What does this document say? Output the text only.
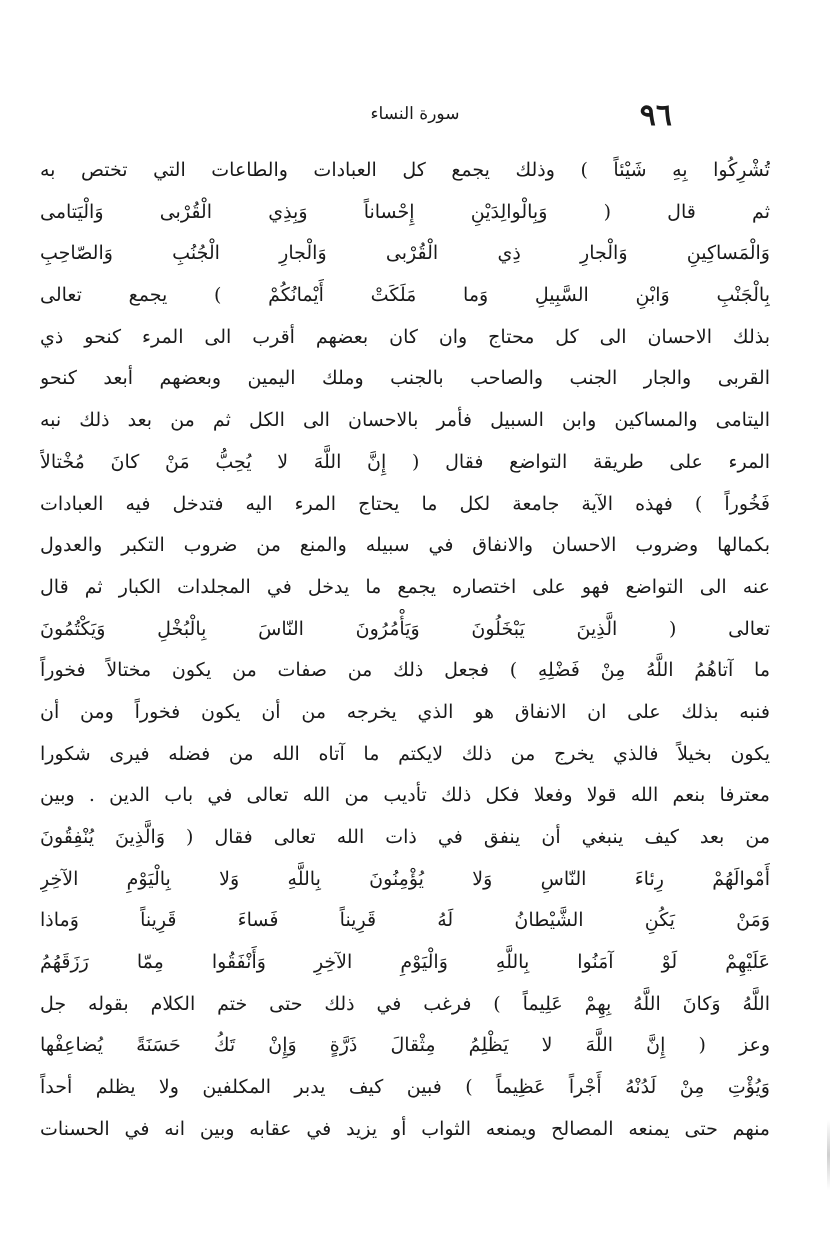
٩٦
سورة النساء
تُشْرِكُوا بِهِ شَيْئاً ) وذلك يجمع كل العبادات والطاعات التي تختص به
ثم قال ( وَبِالْوالِدَيْنِ إِحْساناً وَبِذِي الْقُرْبى وَالْيَتامى
وَالْمَساكِينِ وَالْجارِ ذِي الْقُرْبى وَالْجارِ الْجُنُبِ وَالصّاحِبِ
بِالْجَنْبِ وَابْنِ السَّبِيلِ وَما مَلَكَتْ أَيْمانُكُمْ ) يجمع تعالى
بذلك الاحسان الى كل محتاج وان كان بعضهم أقرب الى المرء كنحو ذي
القربى والجار الجنب والصاحب بالجنب وملك اليمين وبعضهم أبعد كنحو
اليتامى والمساكين وابن السبيل فأمر بالاحسان الى الكل ثم من بعد ذلك نبه
المرء على طريقة التواضع فقال ( إِنَّ اللَّهَ لا يُحِبُّ مَنْ كانَ مُخْتالاً
فَخُوراً ) فهذه الآية جامعة لكل ما يحتاج المرء اليه فتدخل فيه العبادات
بكمالها وضروب الاحسان والانفاق في سبيله والمنع من ضروب التكبر والعدول
عنه الى التواضع فهو على اختصاره يجمع ما يدخل في المجلدات الكبار ثم قال
تعالى ( الَّذِينَ يَبْخَلُونَ وَيَأْمُرُونَ النّاسَ بِالْبُخْلِ وَيَكْتُمُونَ
ما آتاهُمُ اللَّهُ مِنْ فَضْلِهِ ) فجعل ذلك من صفات من يكون مختالاً فخوراً
فنبه بذلك على ان الانفاق هو الذي يخرجه من أن يكون فخوراً ومن أن
يكون بخيلاً فالذي يخرج من ذلك لايكتم ما آتاه الله من فضله فيرى شكورا
معترفا بنعم الله قولا وفعلا فكل ذلك تأديب من الله تعالى في باب الدين . وبين
من بعد كيف ينبغي أن ينفق في ذات الله تعالى فقال ( وَالَّذِينَ يُنْفِقُونَ
أَمْوالَهُمْ رِئاءَ النّاسِ وَلا يُؤْمِنُونَ بِاللَّهِ وَلا بِالْيَوْمِ الآخِرِ
وَمَنْ يَكُنِ الشَّيْطانُ لَهُ قَرِيناً فَساءَ قَرِيناً وَماذا
عَلَيْهِمْ لَوْ آمَنُوا بِاللَّهِ وَالْيَوْمِ الآخِرِ وَأَنْفَقُوا مِمّا رَزَقَهُمُ
اللَّهُ وَكانَ اللَّهُ بِهِمْ عَلِيماً ) فرغب في ذلك حتى ختم الكلام بقوله جل
وعز ( إِنَّ اللَّهَ لا يَظْلِمُ مِثْقالَ ذَرَّةٍ وَإِنْ تَكُ حَسَنَةً يُضاعِفْها
وَيُؤْتِ مِنْ لَدُنْهُ أَجْراً عَظِيماً ) فبين كيف يدبر المكلفين ولا يظلم أحداً
منهم حتى يمنعه المصالح ويمنعه الثواب أو يزيد في عقابه وبين انه في الحسنات
